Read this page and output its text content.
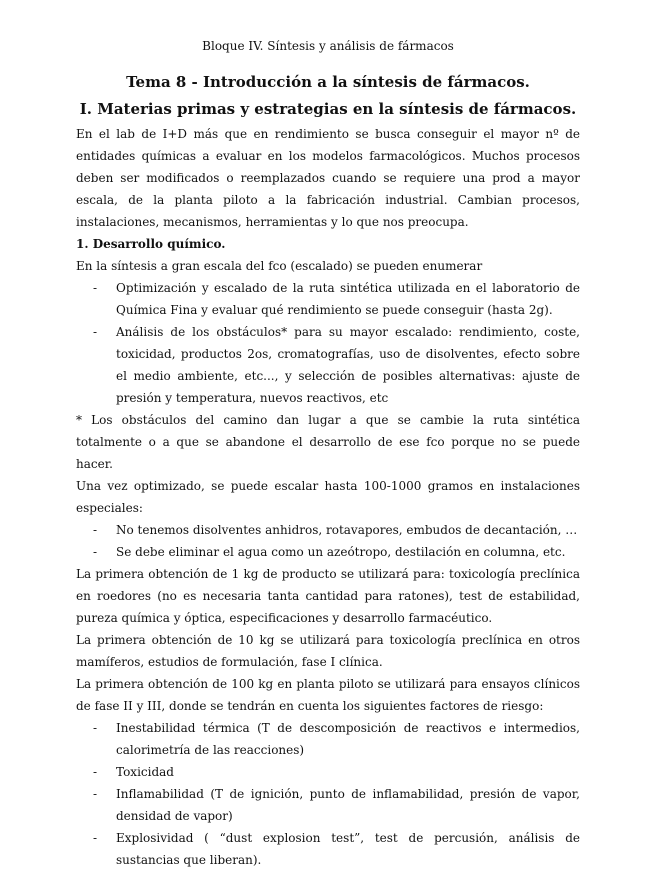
Bloque IV. Síntesis y análisis de fármacos
Tema 8 - Introducción a la síntesis de fármacos.
I. Materias primas y estrategias en la síntesis de fármacos.

En el lab de I+D más que en rendimiento se busca conseguir el mayor nº de entidades químicas a evaluar en los modelos farmacológicos. Muchos procesos deben ser modificados o reemplazados cuando se requiere una prod a mayor escala, de la planta piloto a la fabricación industrial. Cambian procesos, instalaciones, mecanismos, herramientas y lo que nos preocupa.

1. Desarrollo químico.

En la síntesis a gran escala del fco (escalado) se pueden enumerar

- Optimización y escalado de la ruta sintética utilizada en el laboratorio de Química Fina y evaluar qué rendimiento se puede conseguir (hasta 2g).
- Análisis de los obstáculos* para su mayor escalado: rendimiento, coste, toxicidad, productos 2os, cromatografías, uso de disolventes, efecto sobre el medio ambiente, etc..., y selección de posibles alternativas: ajuste de presión y temperatura, nuevos reactivos, etc

* Los obstáculos del camino dan lugar a que se cambie la ruta sintética totalmente o a que se abandone el desarrollo de ese fco porque no se puede hacer.

Una vez optimizado, se puede escalar hasta 100-1000 gramos en instalaciones especiales:

- No tenemos disolventes anhidros, rotavapores, embudos de decantación, …
- Se debe eliminar el agua como un azeótropo, destilación en columna, etc.

La primera obtención de 1 kg de producto se utilizará para: toxicología preclínica en roedores (no es necesaria tanta cantidad para ratones), test de estabilidad, pureza química y óptica, especificaciones y desarrollo farmacéutico.

La primera obtención de 10 kg se utilizará para toxicología preclínica en otros mamíferos, estudios de formulación, fase I clínica.

La primera obtención de 100 kg en planta piloto se utilizará para ensayos clínicos de fase II y III, donde se tendrán en cuenta los siguientes factores de riesgo:

- Inestabilidad térmica (T de descomposición de reactivos e intermedios, calorimetría de las reacciones)
- Toxicidad
- Inflamabilidad (T de ignición, punto de inflamabilidad, presión de vapor, densidad de vapor)
- Explosividad ( “dust explosion test”, test de percusión, análisis de sustancias que liberan).
